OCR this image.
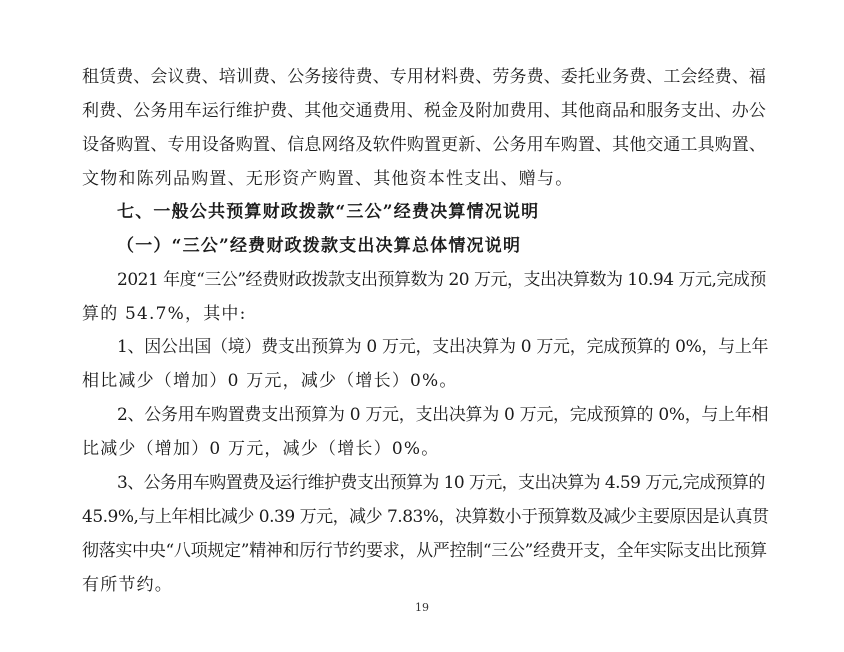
租赁费、会议费、培训费、公务接待费、专用材料费、劳务费、委托业务费、工会经费、福
利费、公务用车运行维护费、其他交通费用、税金及附加费用、其他商品和服务支出、办公
设备购置、专用设备购置、信息网络及软件购置更新、公务用车购置、其他交通工具购置、
文物和陈列品购置、无形资产购置、其他资本性支出、赠与。
七、一般公共预算财政拨款“三公”经费决算情况说明
（一）“三公”经费财政拨款支出决算总体情况说明
2021 年度“三公”经费财政拨款支出预算数为 20 万元，支出决算数为 10.94 万元,完成预
算的 54.7%，其中:
1、因公出国（境）费支出预算为 0 万元，支出决算为 0 万元，完成预算的 0%，与上年
相比减少（增加）0 万元，减少（增长）0%。
2、公务用车购置费支出预算为 0 万元，支出决算为 0 万元，完成预算的 0%，与上年相
比减少（增加）0 万元，减少（增长）0%。
3、公务用车购置费及运行维护费支出预算为 10 万元，支出决算为 4.59 万元,完成预算的
45.9%,与上年相比减少 0.39 万元，减少 7.83%，决算数小于预算数及减少主要原因是认真贯
彻落实中央“八项规定”精神和厉行节约要求，从严控制“三公”经费开支，全年实际支出比预算
有所节约。
19
